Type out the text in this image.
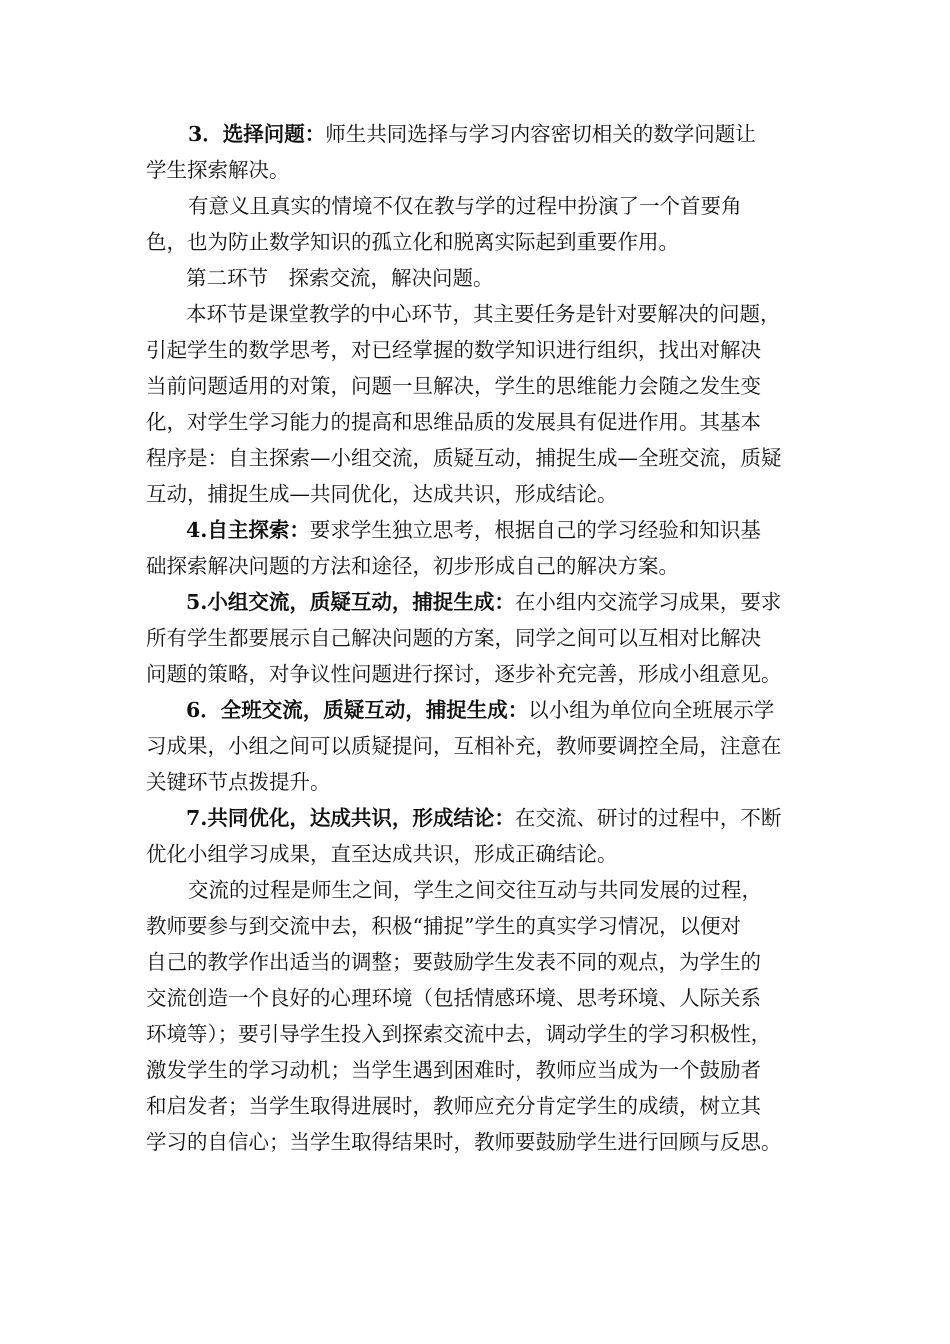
3．选择问题：师生共同选择与学习内容密切相关的数学问题让
学生探索解决。
有意义且真实的情境不仅在教与学的过程中扮演了一个首要角
色，也为防止数学知识的孤立化和脱离实际起到重要作用。
第二环节　探索交流，解决问题。
本环节是课堂教学的中心环节，其主要任务是针对要解决的问题，
引起学生的数学思考，对已经掌握的数学知识进行组织，找出对解决
当前问题适用的对策，问题一旦解决，学生的思维能力会随之发生变
化，对学生学习能力的提高和思维品质的发展具有促进作用。其基本
程序是：自主探索—小组交流，质疑互动，捕捉生成—全班交流，质疑
互动，捕捉生成—共同优化，达成共识，形成结论。
4.自主探索：要求学生独立思考，根据自己的学习经验和知识基
础探索解决问题的方法和途径，初步形成自己的解决方案。
5.小组交流，质疑互动，捕捉生成：在小组内交流学习成果，要求
所有学生都要展示自己解决问题的方案，同学之间可以互相对比解决
问题的策略，对争议性问题进行探讨，逐步补充完善，形成小组意见。
6．全班交流，质疑互动，捕捉生成：以小组为单位向全班展示学
习成果，小组之间可以质疑提问，互相补充，教师要调控全局，注意在
关键环节点拨提升。
7.共同优化，达成共识，形成结论：在交流、研讨的过程中，不断
优化小组学习成果，直至达成共识，形成正确结论。
交流的过程是师生之间，学生之间交往互动与共同发展的过程，
教师要参与到交流中去，积极“捕捉”学生的真实学习情况，以便对
自己的教学作出适当的调整；要鼓励学生发表不同的观点，为学生的
交流创造一个良好的心理环境（包括情感环境、思考环境、人际关系
环境等）；要引导学生投入到探索交流中去，调动学生的学习积极性，
激发学生的学习动机；当学生遇到困难时，教师应当成为一个鼓励者
和启发者；当学生取得进展时，教师应充分肯定学生的成绩，树立其
学习的自信心；当学生取得结果时，教师要鼓励学生进行回顾与反思。
